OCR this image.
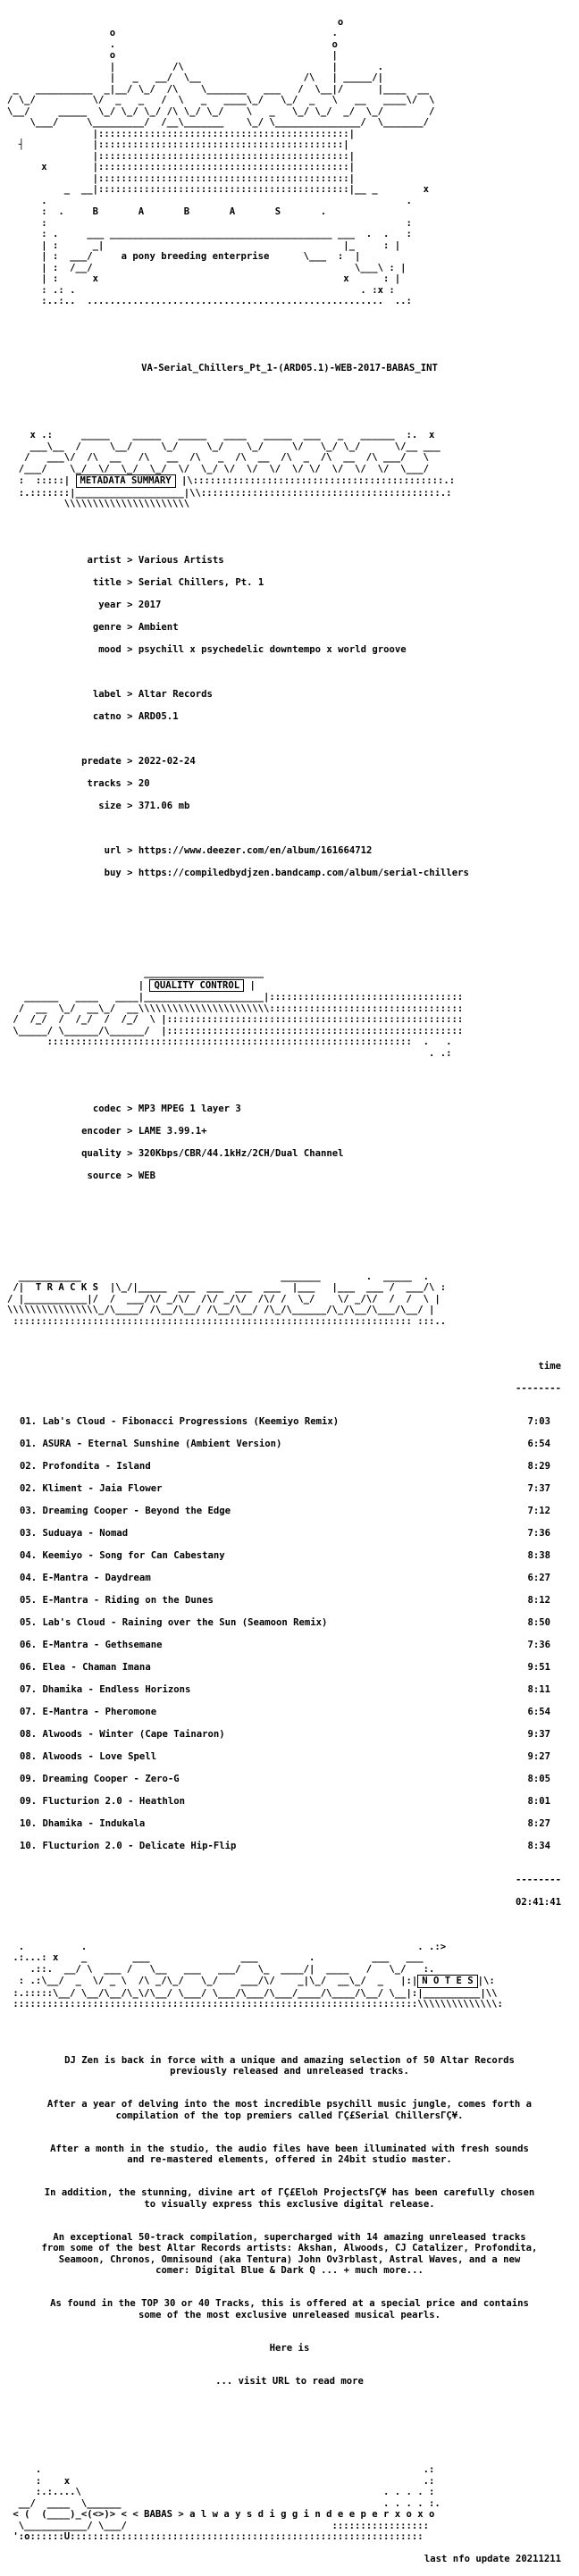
o
o                                      .
.                                      o
o                                      |
|          /\                          |       .
|   _   __/  \__                  /\   | _____/|
_   __________  _|__/ \_/  /\    \_______   ___   /  \__|/      |____  __
/ \_/          \/  _   _   /  \   _   ____\_/   \_/  _   \   __   ____\/  \
\__/     _____  \_/ \_/ \_/ /\ \_/ \_/    \   _   \_/ \_/  _/  \_/        /
\___/     \_________/  /__\_______    \_/ \_______________/  \_______/
|::::::::::::::::::::::::::::::::::::::::::::|
┤            |:::::::::::::::::::::::::::::::::::::::::::|
|::::::::::::::::::::::::::::::::::::::::::::|
x        |::::::::::::::::::::::::::::::::::::::::::::|
|::::::::::::::::::::::::::::::::::::::::::::|
_  __|::::::::::::::::::::::::::::::::::::::::::::|__ _        x
.                                                               .
:  .	B       A       B       A       S	.
:                                                               :
: .     ___ _______________________________________ ___  .  .   :
| :      _|                                          |_     : |
| :  ___/	a pony breeding enterprise	\___  :  |
| :  /__/                                              \___\ : |
| :      x                                           x      : |
: .: .                                                  . :x :
:..:..  ....................................................  ..:

VA-Serial_Chillers_Pt_1-(ARD05.1)-WEB-2017-BABAS_INT

x .:     _____    _____   _____   ____   _____  ___   _   ______  :.  x
___\__  /     \__/     \_/     \_/    \_/     \/   \_/ \_/      \/__ ___
/   ___\/  /\  __   /\   __  /\   _  /\  __  /\  _  /\  __  /\ ___/   \
/___/    \_/  \/  \_/  \_/  \/  \_/ \/  \/  \/  \/ \/  \/  \/  \/  \___/
:  :::::| METADATA SUMMARY |\::::::::::::::::::::::::::::::::::::::::::::.:
:.:::::::|___________________|\\::::::::::::::::::::::::::::::::::::::::::.:
\\\\\\\\\\\\\\\\\\\\\\

artist > Various Artists

title > Serial Chillers, Pt. 1

year > 2017

genre > Ambient

mood > psychill x psychedelic downtempo x world groove

label > Altar Records

catno > ARD05.1

predate > 2022-02-24

tracks > 20

size > 371.06 mb

url > https://www.deezer.com/en/album/161664712

buy > https://compiledbydjzen.bandcamp.com/album/serial-chillers

_____________________
| QUALITY CONTROL |
______   ____   ____|_____________________|::::::::::::::::::::::::::::::::::
/  __  \_/  __\_/  __\\\\\\\\\\\\\\\\\\\\\\\::::::::::::::::::::::::::::::::::
/  /_/  /  /_/  /  /_/  \ |::::::::::::::::::::::::::::::::::::::::::::::::::::
\_____/ \______/\______/  |::::::::::::::::::::::::::::::::::::::::::::::::::::
::::::::::::::::::::::::::::::::::::::::::::::::::::::::::::::::  .   .
. .:

codec > MP3 MPEG 1 layer 3

encoder > LAME 3.99.1+

quality > 320Kbps/CBR/44.1kHz/2CH/Dual Channel

source > WEB

___________                                   _______        .  _____  .
/|  T R A C K S  |\_/|_____  ___  ___  ___  ___  |___   |___  ___ /  ___/\ :
/ |___________|/  /  ___/\/ _/\/  /\/ _/\/  /\/ /  \_/    \/ _/\/  /  /  \ |
\\\\\\\\\\\\\\\\_/\____/ /\__/\__/ /\__/\__/ /\_/\______/\_/\__/\___/\__/ |
:::::::::::::::::::::::::::::::::::::::::::::::::::::::::::::::::::::: :::..

time

--------

01. Lab's Cloud - Fibonacci Progressions (Keemiyo Remix)	7:03

01. ASURA - Eternal Sunshine (Ambient Version)	6:54

02. Profondita - Island	8:29

02. Kliment - Jaia Flower	7:37

03. Dreaming Cooper - Beyond the Edge	7:12

03. Suduaya - Nomad	7:36

04. Keemiyo - Song for Can Cabestany	8:38

04. E-Mantra - Daydream	6:27

05. E-Mantra - Riding on the Dunes	8:12

05. Lab's Cloud - Raining over the Sun (Seamoon Remix)	8:50

06. E-Mantra - Gethsemane	7:36

06. Elea - Chaman Imana	9:51

07. Dhamika - Endless Horizons	8:11

07. E-Mantra - Pheromone	6:54

08. Alwoods - Winter (Cape Tainaron)	9:37

08. Alwoods - Love Spell	9:27

09. Dreaming Cooper - Zero-G	8:05

09. Flucturion 2.0 - Heathlon	8:01

10. Dhamika - Indukala	8:27

10. Flucturion 2.0 - Delicate Hip-Flip	8:34

--------

02:41:41

.          .                                                          . .:>
.:...: x    _        ___                ___         .          ___   ___
.::.  __/ \  ___ /   \__   ___   ___/   \_  ____/|  ____   /   \_/   :.
: .:\__/  _  \/ _ \  /\ _/\_/   \_/    ___/\/    _|\_/  __\_/  _   |:| N O T E S |\:
:.:::::\__/ \__/\__/\_\/\__/ \___/ \___/\___/\___/____/\____/\__/ \__|:|__________|\\
:::::::::::::::::::::::::::::::::::::::::::::::::::::::::::::::::::::::\\\\\\\\\\\\\\:

DJ Zen is back in force with a unique and amazing selection of 50 Altar Records previously released and unreleased tracks.

After a year of delving into the most incredible psychill music jungle, comes forth a compilation of the top premiers called ΓÇ£Serial ChillersΓÇ¥.

After a month in the studio, the audio files have been illuminated with fresh sounds and re-mastered elements, offered in 24bit studio master.

In addition, the stunning, divine art of ΓÇ£Eloh ProjectsΓÇ¥ has been carefully chosen to visually express this exclusive digital release.

An exceptional 50-track compilation, supercharged with 14 amazing unreleased tracks from some of the best Altar Records artists: Akshan, Alwoods, CJ Catalizer, Profondita, Seamoon, Chronos, Omnisound (aka Tentura) John Ov3rblast, Astral Waves, and a new comer: Digital Blue & Dark Q ... + much more...

As found in the TOP 30 or 40 Tracks, this is offered at a special price and contains some of the most exclusive unreleased musical pearls.

Here is

... visit URL to read more

.                                                                   .:
:    x                                                              .:
:.:....\                                                     . . . . :
__/  ____  \______                                              . . . . :.
< (  (____)_<(<>)> < < BABAS > a l w a y s d i g g i n d e e p e r x o x o
\___________/ \___/                                    :::::::::::::::::
':o::::::U::::::::::::::::::::::::::::::::::::::::::::::::::::::::::::::

last nfo update 20211211
